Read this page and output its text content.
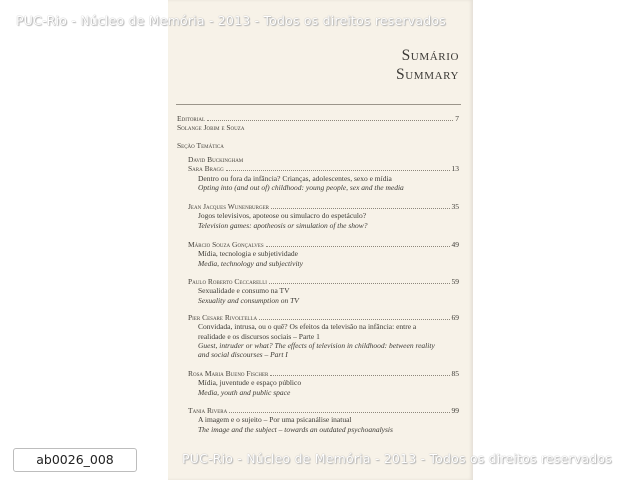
Sumário
Summary
Editorial	7
Solange Jobim e Souza
Seção Temática
David Buckingham
Sara Bragg	13
Dentro ou fora da infância? Crianças, adolescentes, sexo e mídia
Opting into (and out of) childhood: young people, sex and the media
Jean Jacques Wunenburger	35
Jogos televisivos, apoteose ou simulacro do espetáculo?
Television games: apotheosis or simulation of the show?
Márcio Souza Gonçalves	49
Mídia, tecnologia e subjetividade
Media, technology and subjectivity
Paulo Roberto Ceccarelli	59
Sexualidade e consumo na TV
Sexuality and consumption on TV
Pier Cesare Rivoltella	69
Convidada, intrusa, ou o quê? Os efeitos da televisão na infância: entre a
realidade e os discursos sociais – Parte 1
Guest, intruder or what? The effects of television in childhood: between reality
and social discourses – Part I
Rosa Maria Bueno Fischer	85
Mídia, juventude e espaço público
Media, youth and public space
Tania Rivera	99
A imagem e o sujeito – Por uma psicanálise inatual
The image and the subject – towards an outdated psychoanalysis
PUC-Rio - Núcleo de Memória - 2013 - Todos os direitos reservados
PUC-Rio - Núcleo de Memória - 2013 - Todos os direitos reservados
ab0026_008
